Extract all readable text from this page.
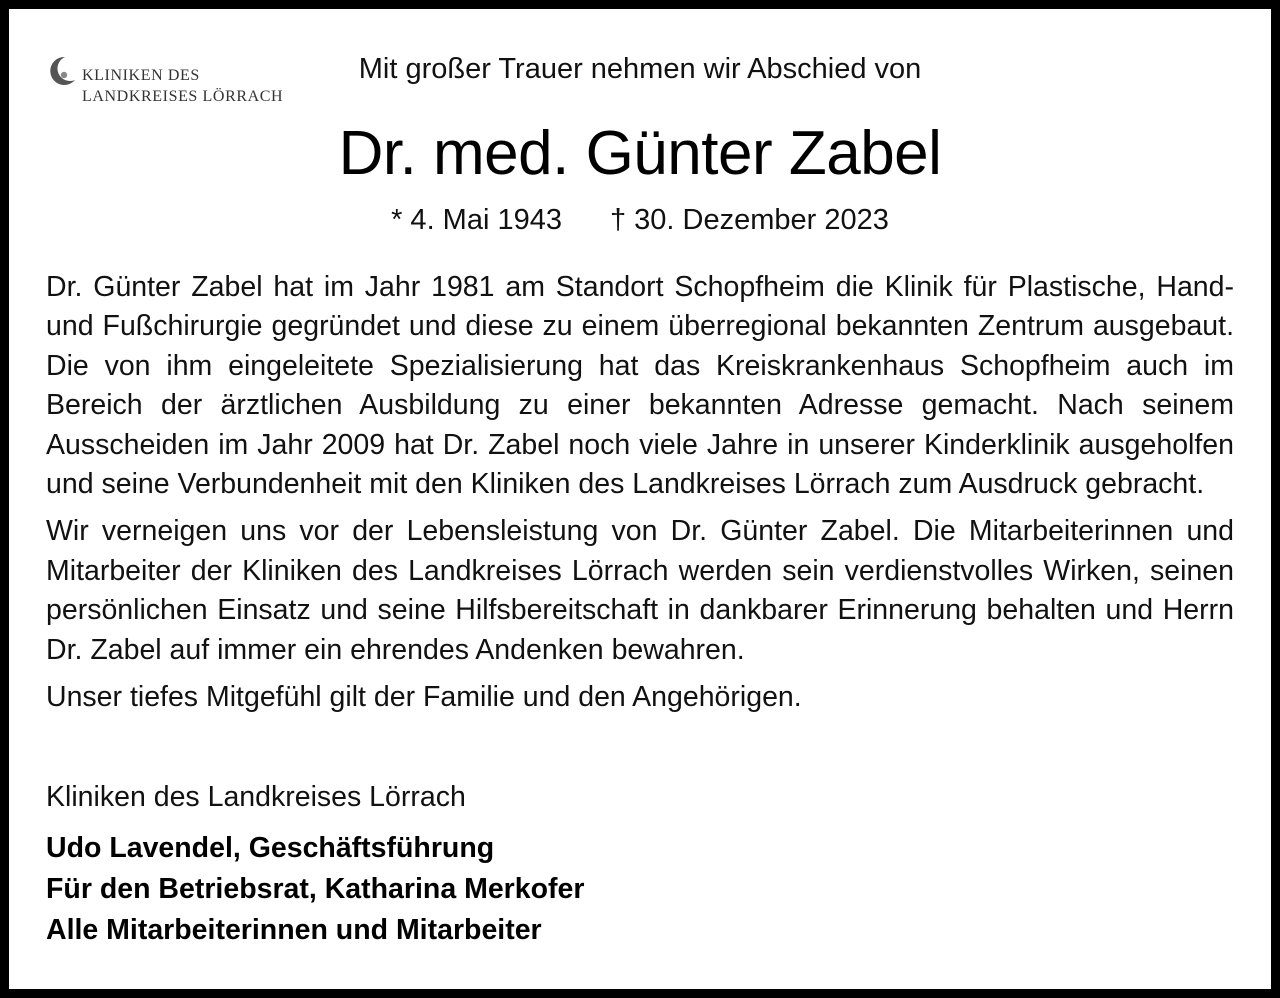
KLINIKEN DES
LANDKREISES LÖRRACH
Mit großer Trauer nehmen wir Abschied von
Dr. med. Günter Zabel
* 4. Mai 1943 † 30. Dezember 2023

Dr. Günter Zabel hat im Jahr 1981 am Standort Schopfheim die Klinik für Plastische, Hand- und Fußchirurgie gegründet und diese zu einem überregional bekannten Zentrum ausgebaut. Die von ihm eingeleitete Spezialisierung hat das Kreiskrankenhaus Schopfheim auch im Bereich der ärztlichen Ausbildung zu einer bekannten Adresse gemacht. Nach seinem Ausscheiden im Jahr 2009 hat Dr. Zabel noch viele Jahre in unserer Kinderklinik ausgeholfen und seine Verbundenheit mit den Kliniken des Landkreises Lörrach zum Ausdruck gebracht.

Wir verneigen uns vor der Lebensleistung von Dr. Günter Zabel. Die Mitarbeiterinnen und Mitarbeiter der Kliniken des Landkreises Lörrach werden sein verdienstvolles Wirken, seinen persönlichen Einsatz und seine Hilfsbereitschaft in dankbarer Erinnerung behalten und Herrn Dr. Zabel auf immer ein ehrendes Andenken bewahren.

Unser tiefes Mitgefühl gilt der Familie und den Angehörigen.

Kliniken des Landkreises Lörrach
Udo Lavendel, Geschäftsführung
Für den Betriebsrat, Katharina Merkofer
Alle Mitarbeiterinnen und Mitarbeiter
